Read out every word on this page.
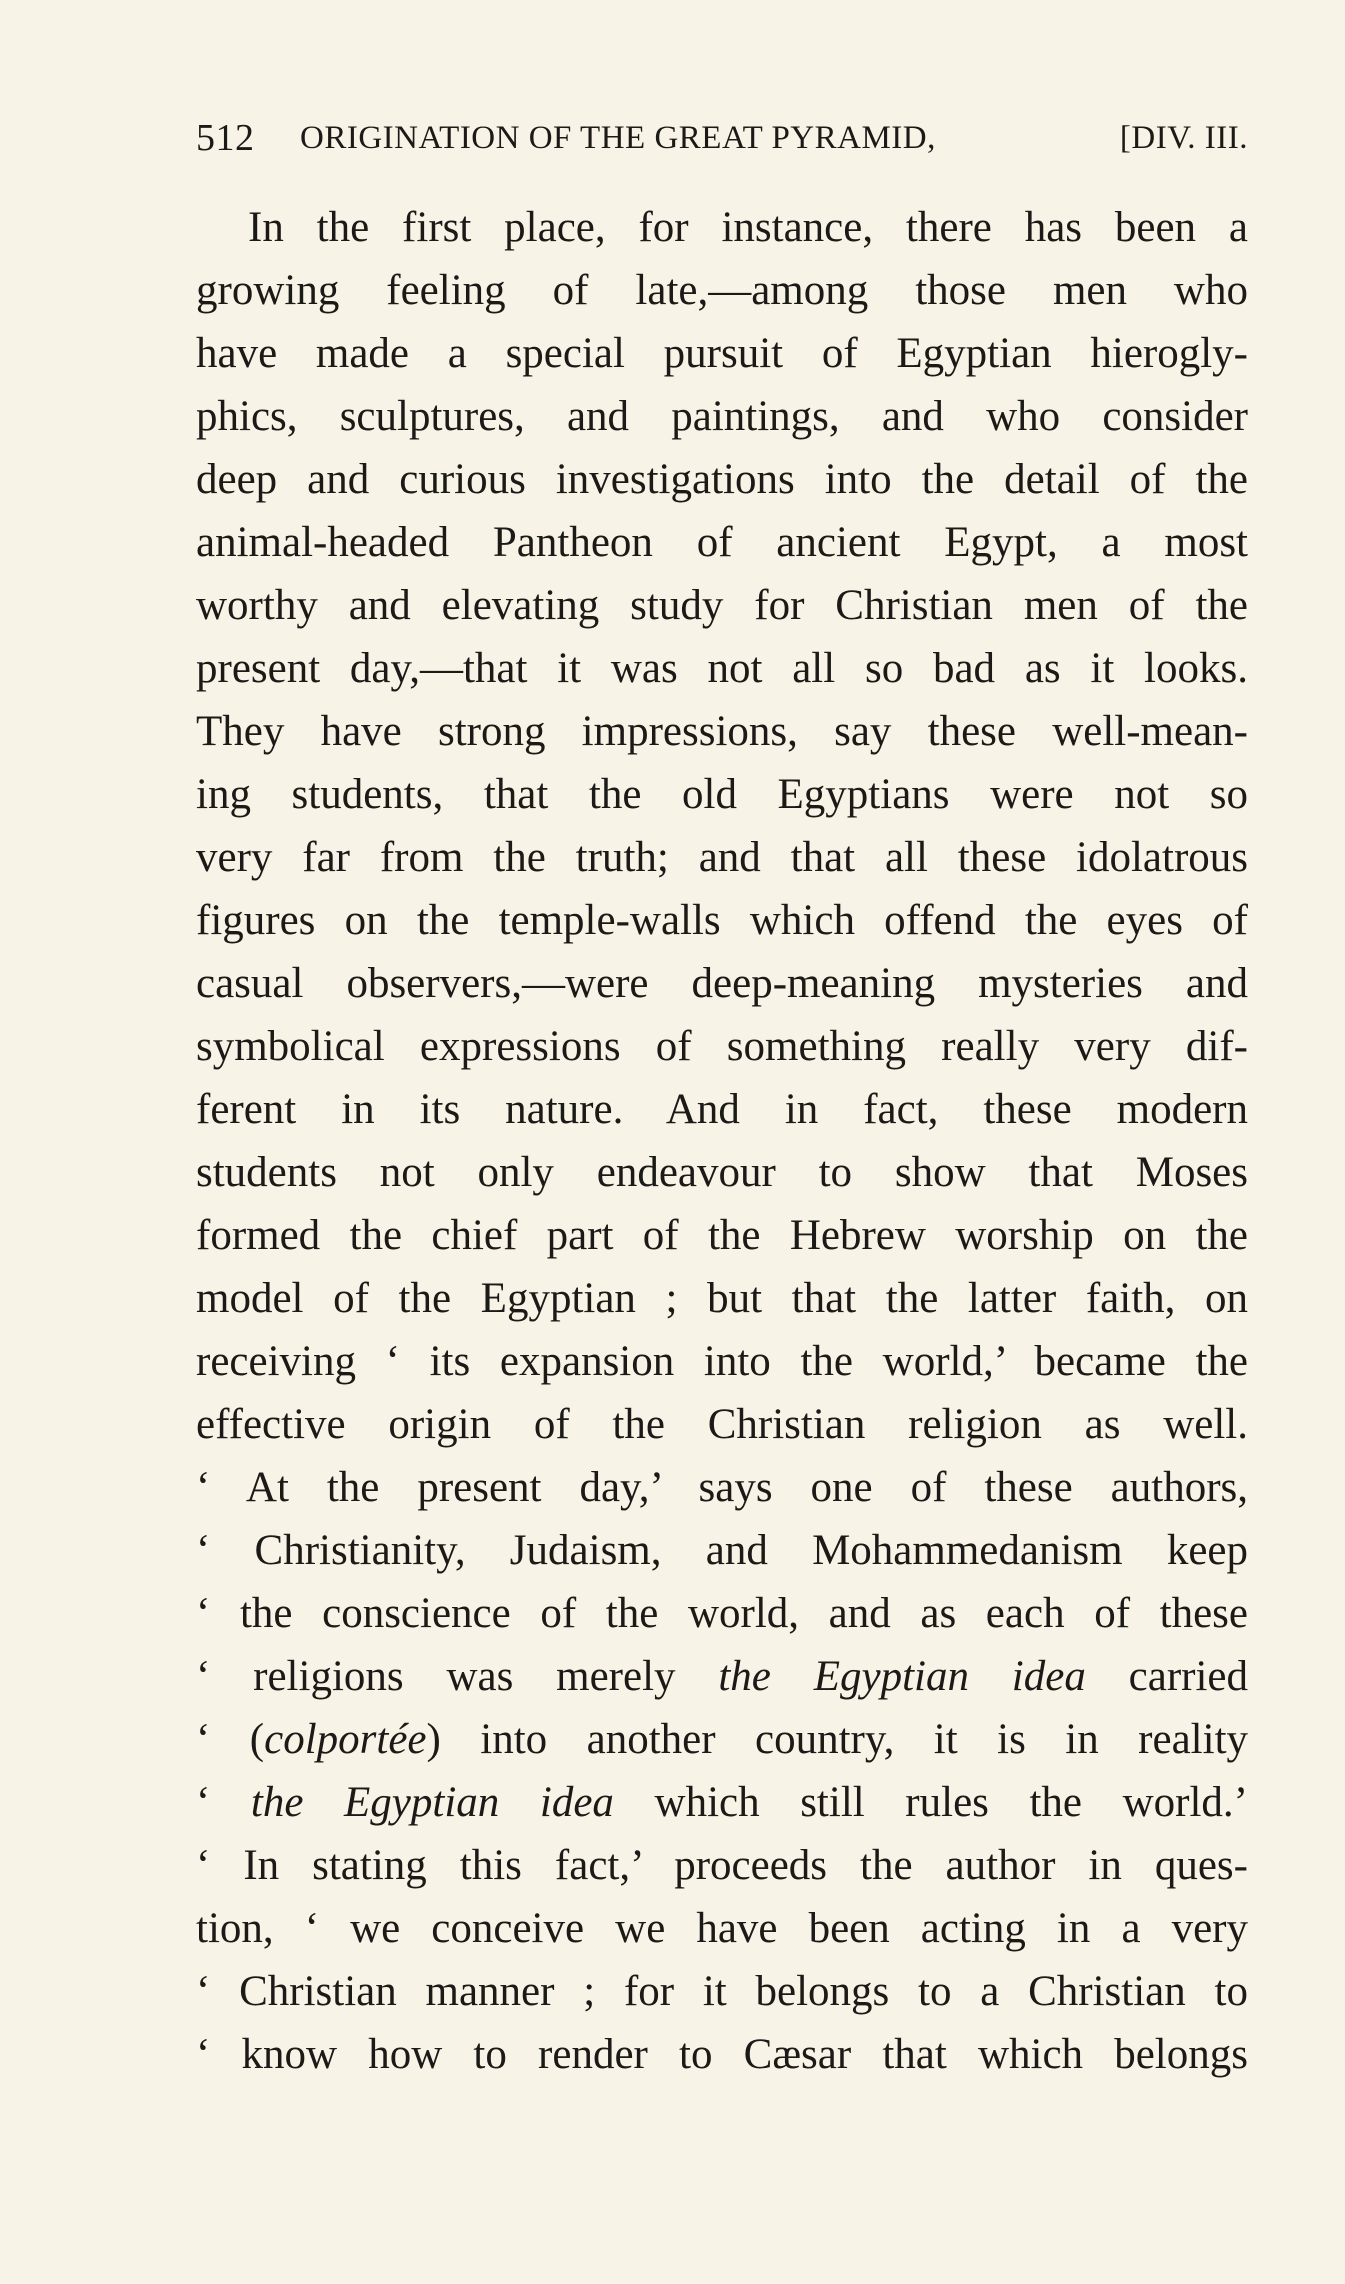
512 ORIGINATION OF THE GREAT PYRAMID,	[DIV. III.
In the first place, for instance, there has been a
growing feeling of late,—among those men who
have made a special pursuit of Egyptian hierogly-
phics, sculptures, and paintings, and who consider
deep and curious investigations into the detail of the
animal-headed Pantheon of ancient Egypt, a most
worthy and elevating study for Christian men of the
present day,—that it was not all so bad as it looks.
They have strong impressions, say these well-mean-
ing students, that the old Egyptians were not so
very far from the truth; and that all these idolatrous
figures on the temple-walls which offend the eyes of
casual observers,—were deep-meaning mysteries and
symbolical expressions of something really very dif-
ferent in its nature. And in fact, these modern
students not only endeavour to show that Moses
formed the chief part of the Hebrew worship on the
model of the Egyptian ; but that the latter faith, on
receiving ‘ its expansion into the world,’ became the
effective origin of the Christian religion as well.
‘ At the present day,’ says one of these authors,
‘ Christianity, Judaism, and Mohammedanism keep
‘ the conscience of the world, and as each of these
‘ religions was merely the Egyptian idea carried
‘ (colportée) into another country, it is in reality
‘ the Egyptian idea which still rules the world.’
‘ In stating this fact,’ proceeds the author in ques-
tion, ‘ we conceive we have been acting in a very
‘ Christian manner ; for it belongs to a Christian to
‘ know how to render to Cæsar that which belongs
